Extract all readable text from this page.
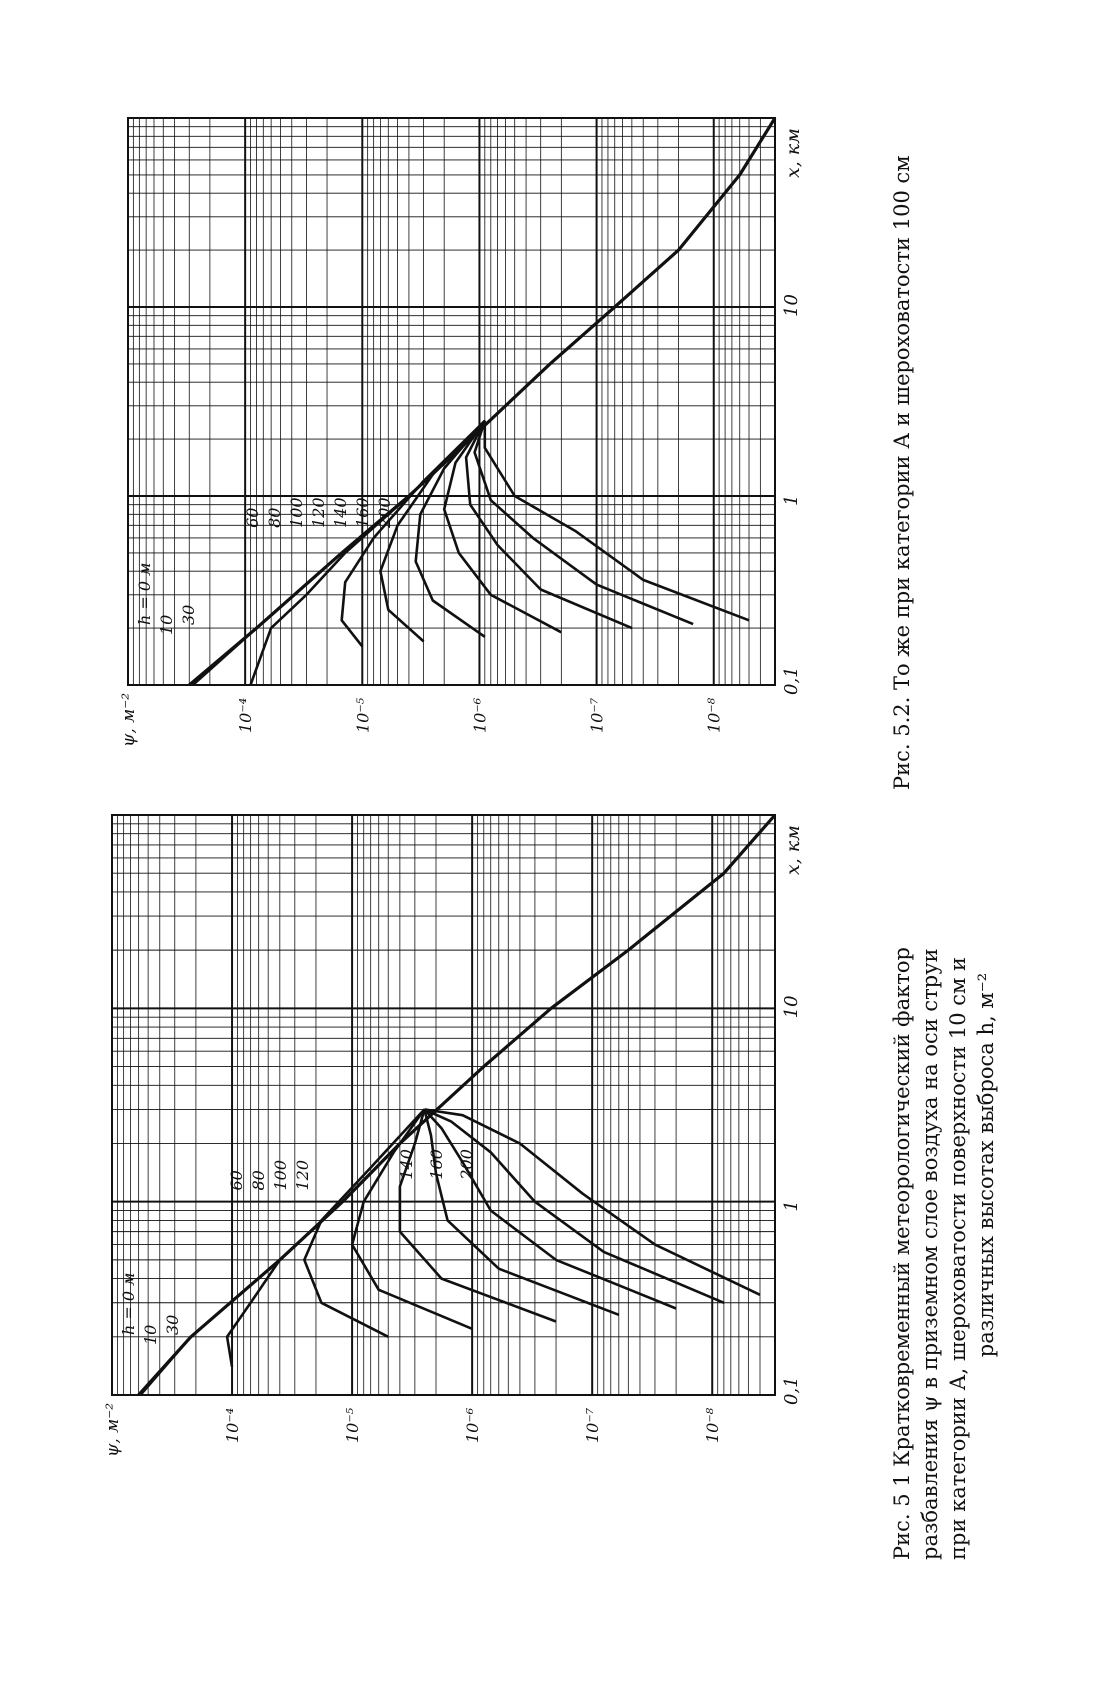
0,1
1
10
10⁻⁴	10⁻⁵	10⁻⁶	10⁻⁷	10⁻⁸
x, км
ψ, м⁻²
h = 0 м 10 30
60 80 100 120	140 160 200
0,1
1
10
10⁻⁴	10⁻⁵	10⁻⁶	10⁻⁷	10⁻⁸
x, км
ψ, м⁻²
h = 0 м 10 30
60 80 100 120 140 160 200
Рис. 5 1 Кратковременный метеорологический фактор разбавления ψ в приземном слое воздуха на оси струи при категории А, шероховатости поверхности 10 см и различных высотах выброса h, м⁻²
Рис. 5.2. То же при категории А и шероховатости 100 см
